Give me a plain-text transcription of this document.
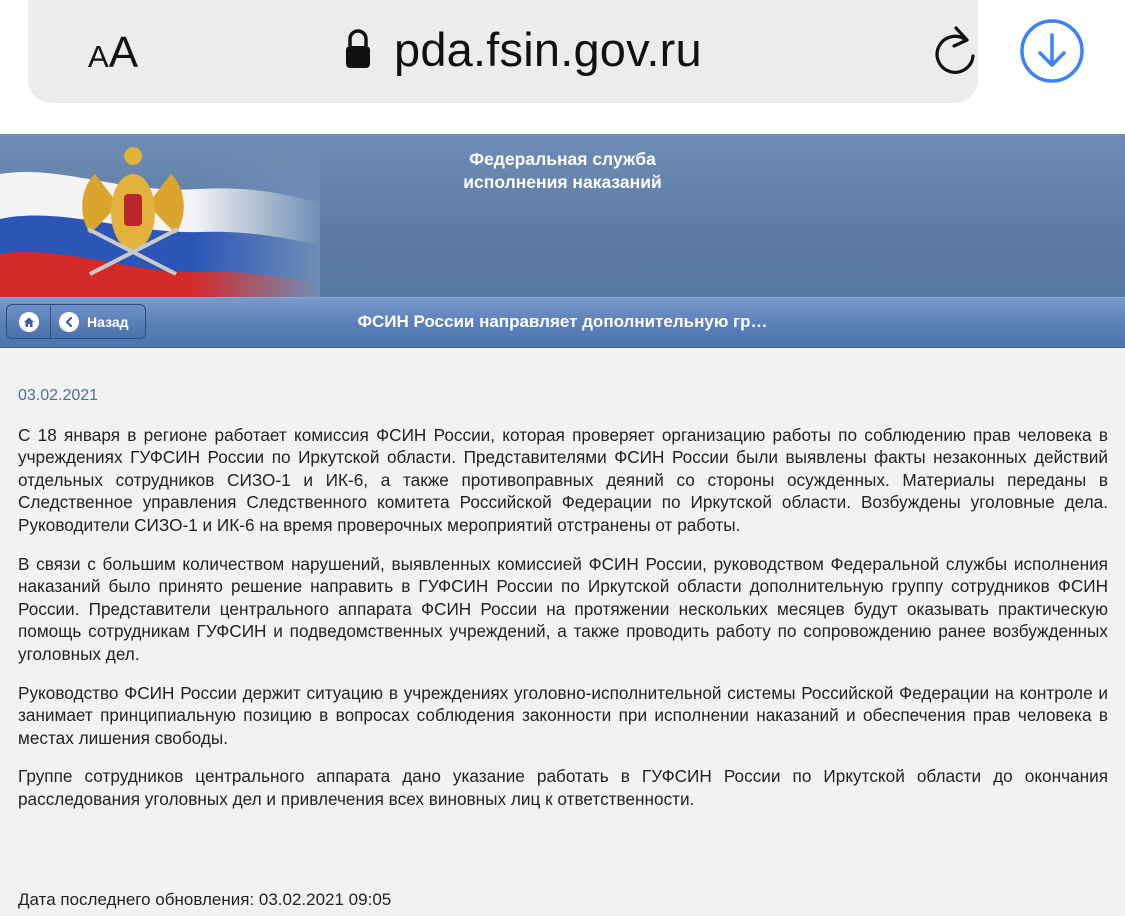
AA	pda.fsin.gov.ru
Федеральная служба
исполнения наказаний
Назад	ФСИН России направляет дополнительную гр…
03.02.2021

С 18 января в регионе работает комиссия ФСИН России, которая проверяет организацию работы по соблюдению прав человека в учреждениях ГУФСИН России по Иркутской области. Представителями ФСИН России были выявлены факты незаконных действий отдельных сотрудников СИЗО-1 и ИК-6, а также противоправных деяний со стороны осужденных. Материалы переданы в Следственное управления Следственного комитета Российской Федерации по Иркутской области. Возбуждены уголовные дела. Руководители СИЗО-1 и ИК-6 на время проверочных мероприятий отстранены от работы.

В связи с большим количеством нарушений, выявленных комиссией ФСИН России, руководством Федеральной службы исполнения наказаний было принято решение направить в ГУФСИН России по Иркутской области дополнительную группу сотрудников ФСИН России. Представители центрального аппарата ФСИН России на протяжении нескольких месяцев будут оказывать практическую помощь сотрудникам ГУФСИН и подведомственных учреждений, а также проводить работу по сопровождению ранее возбужденных уголовных дел.

Руководство ФСИН России держит ситуацию в учреждениях уголовно-исполнительной системы Российской Федерации на контроле и занимает принципиальную позицию в вопросах соблюдения законности при исполнении наказаний и обеспечения прав человека в местах лишения свободы.

Группе сотрудников центрального аппарата дано указание работать в ГУФСИН России по Иркутской области до окончания расследования уголовных дел и привлечения всех виновных лиц к ответственности.

Дата последнего обновления: 03.02.2021 09:05
